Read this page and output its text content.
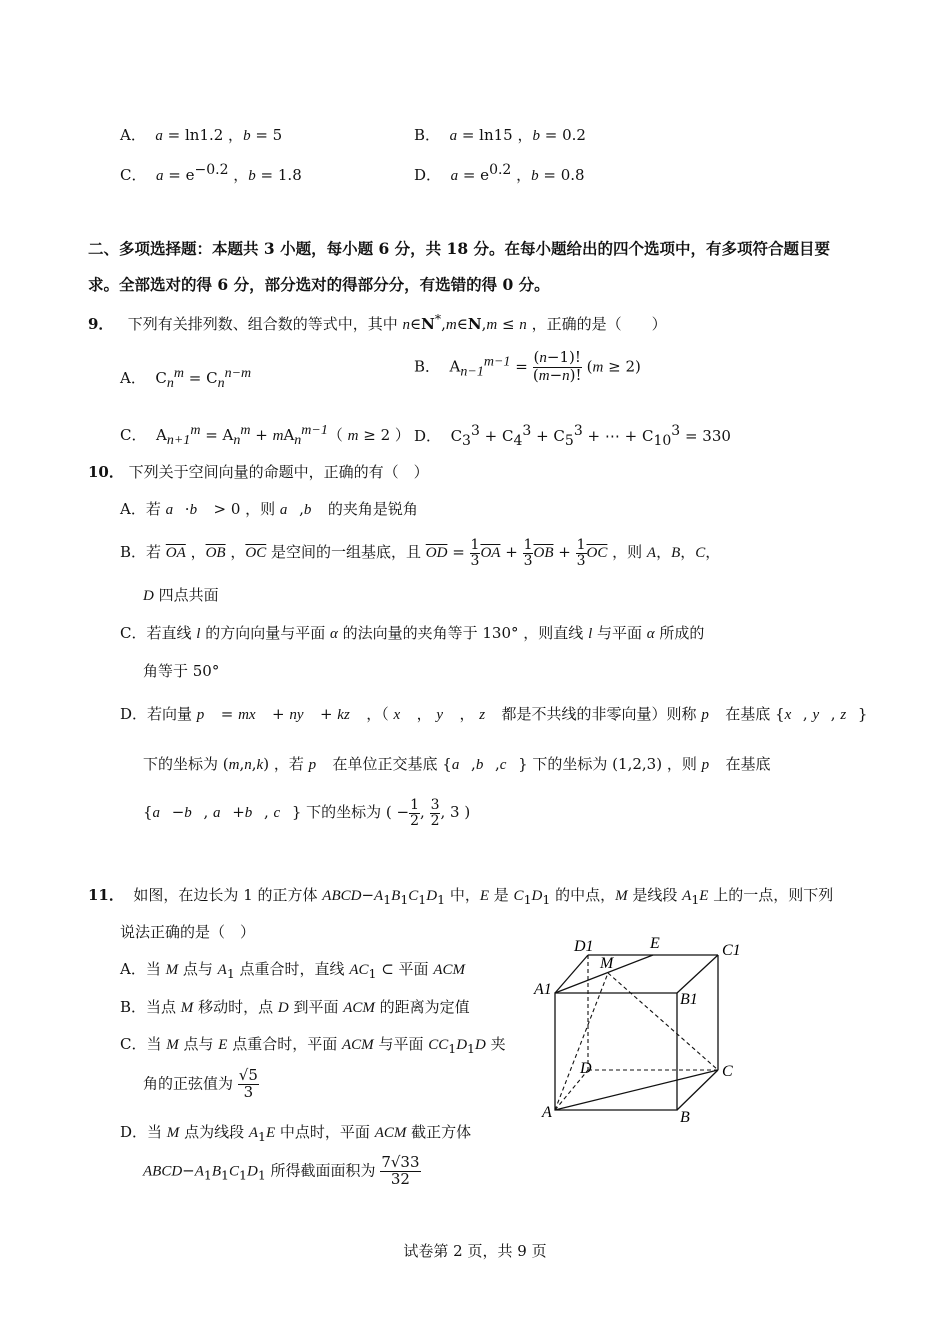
A．  a = ln1.2 ，b = 5	B．  a = ln15 ，b = 0.2
C．  $a = e^{-0.2}$ ，b = 1.8	D．  $a = e^{0.2}$ ，b = 0.8
二、多项选择题：本题共 3 小题，每小题 6 分，共 18 分。在每小题给出的四个选项中，有多项符合题目要
求。全部选对的得 6 分，部分选对的得部分分，有选错的得 0 分。
9．   下列有关排列数、组合数的等式中，其中 n∈N*,m∈N,m ≤ n ，正确的是（　　）
A．  $C_n^m = C_n^{n-m}$	B．  $A_{n-1}^{m-1} = \frac{(n-1)!}{(m-n)!} (m \ge 2)$
C．  $A_{n+1}^m = A_n^m + mA_n^{m-1}$（ m ≥ 2 ） D．  $C_3^3 + C_4^3 + C_5^3$ + ⋯ + $C_{10}^3 = 330$
10． 下列关于空间向量的命题中，正确的有（　）
A．若 a⃗·b⃗ > 0 ，则 a⃗,b⃗ 的夹角是锐角
B．若 $\overline{OA}$ ，$\overline{OB}$ ，$\overline{OC}$ 是空间的一组基底，且 $\overline{OD} = \frac{1}{3} \overline{OA} + \frac{1}{3} \overline{OB} + \frac{1}{3} \overline{OC}$ ，则 A，B，C，
D 四点共面
C．若直线 l 的方向向量与平面 α 的法向量的夹角等于 130° ，则直线 l 与平面 α 所成的
角等于 50°
D．若向量 p⃗ = mx⃗ + ny⃗ + kz⃗ ，（ x⃗ ， y⃗ ， z⃗ 都是不共线的非零向量）则称 p⃗ 在基底 {x⃗, y⃗, z⃗}
下的坐标为 (m,n,k) ，若 p⃗ 在单位正交基底 {a⃗,b⃗,c⃗} 下的坐标为 (1,2,3) ，则 p⃗ 在基底
{a⃗−b⃗, a⃗+b⃗, c⃗} 下的坐标为 ( − $\frac{1}{2}$ , $\frac{3}{2}$ , 3 )
11．  如图，在边长为 1 的正方体 $ABCD-A_1B_1C_1D_1$ 中，E 是 $C_1D_1$ 的中点，M 是线段 $A_1E$ 上的一点，则下列
说法正确的是（　）
A．当 M 点与 $A_1$ 点重合时，直线 $AC_1$ ⊂ 平面 ACM
B．当点 M 移动时，点 D 到平面 ACM 的距离为定值
C．当 M 点与 E 点重合时，平面 ACM 与平面 $CC_1D_1D$ 夹
角的正弦值为 $\frac{√5}{3}$
D．当 M 点为线段 $A_1E$ 中点时，平面 ACM 截正方体
$ABCD-A_1B_1C_1D_1$ 所得截面面积为 $\frac{7√33}{32}$
D1	E	C1
M
A1
B1
D	C
A	B
试卷第 2 页，共 9 页
